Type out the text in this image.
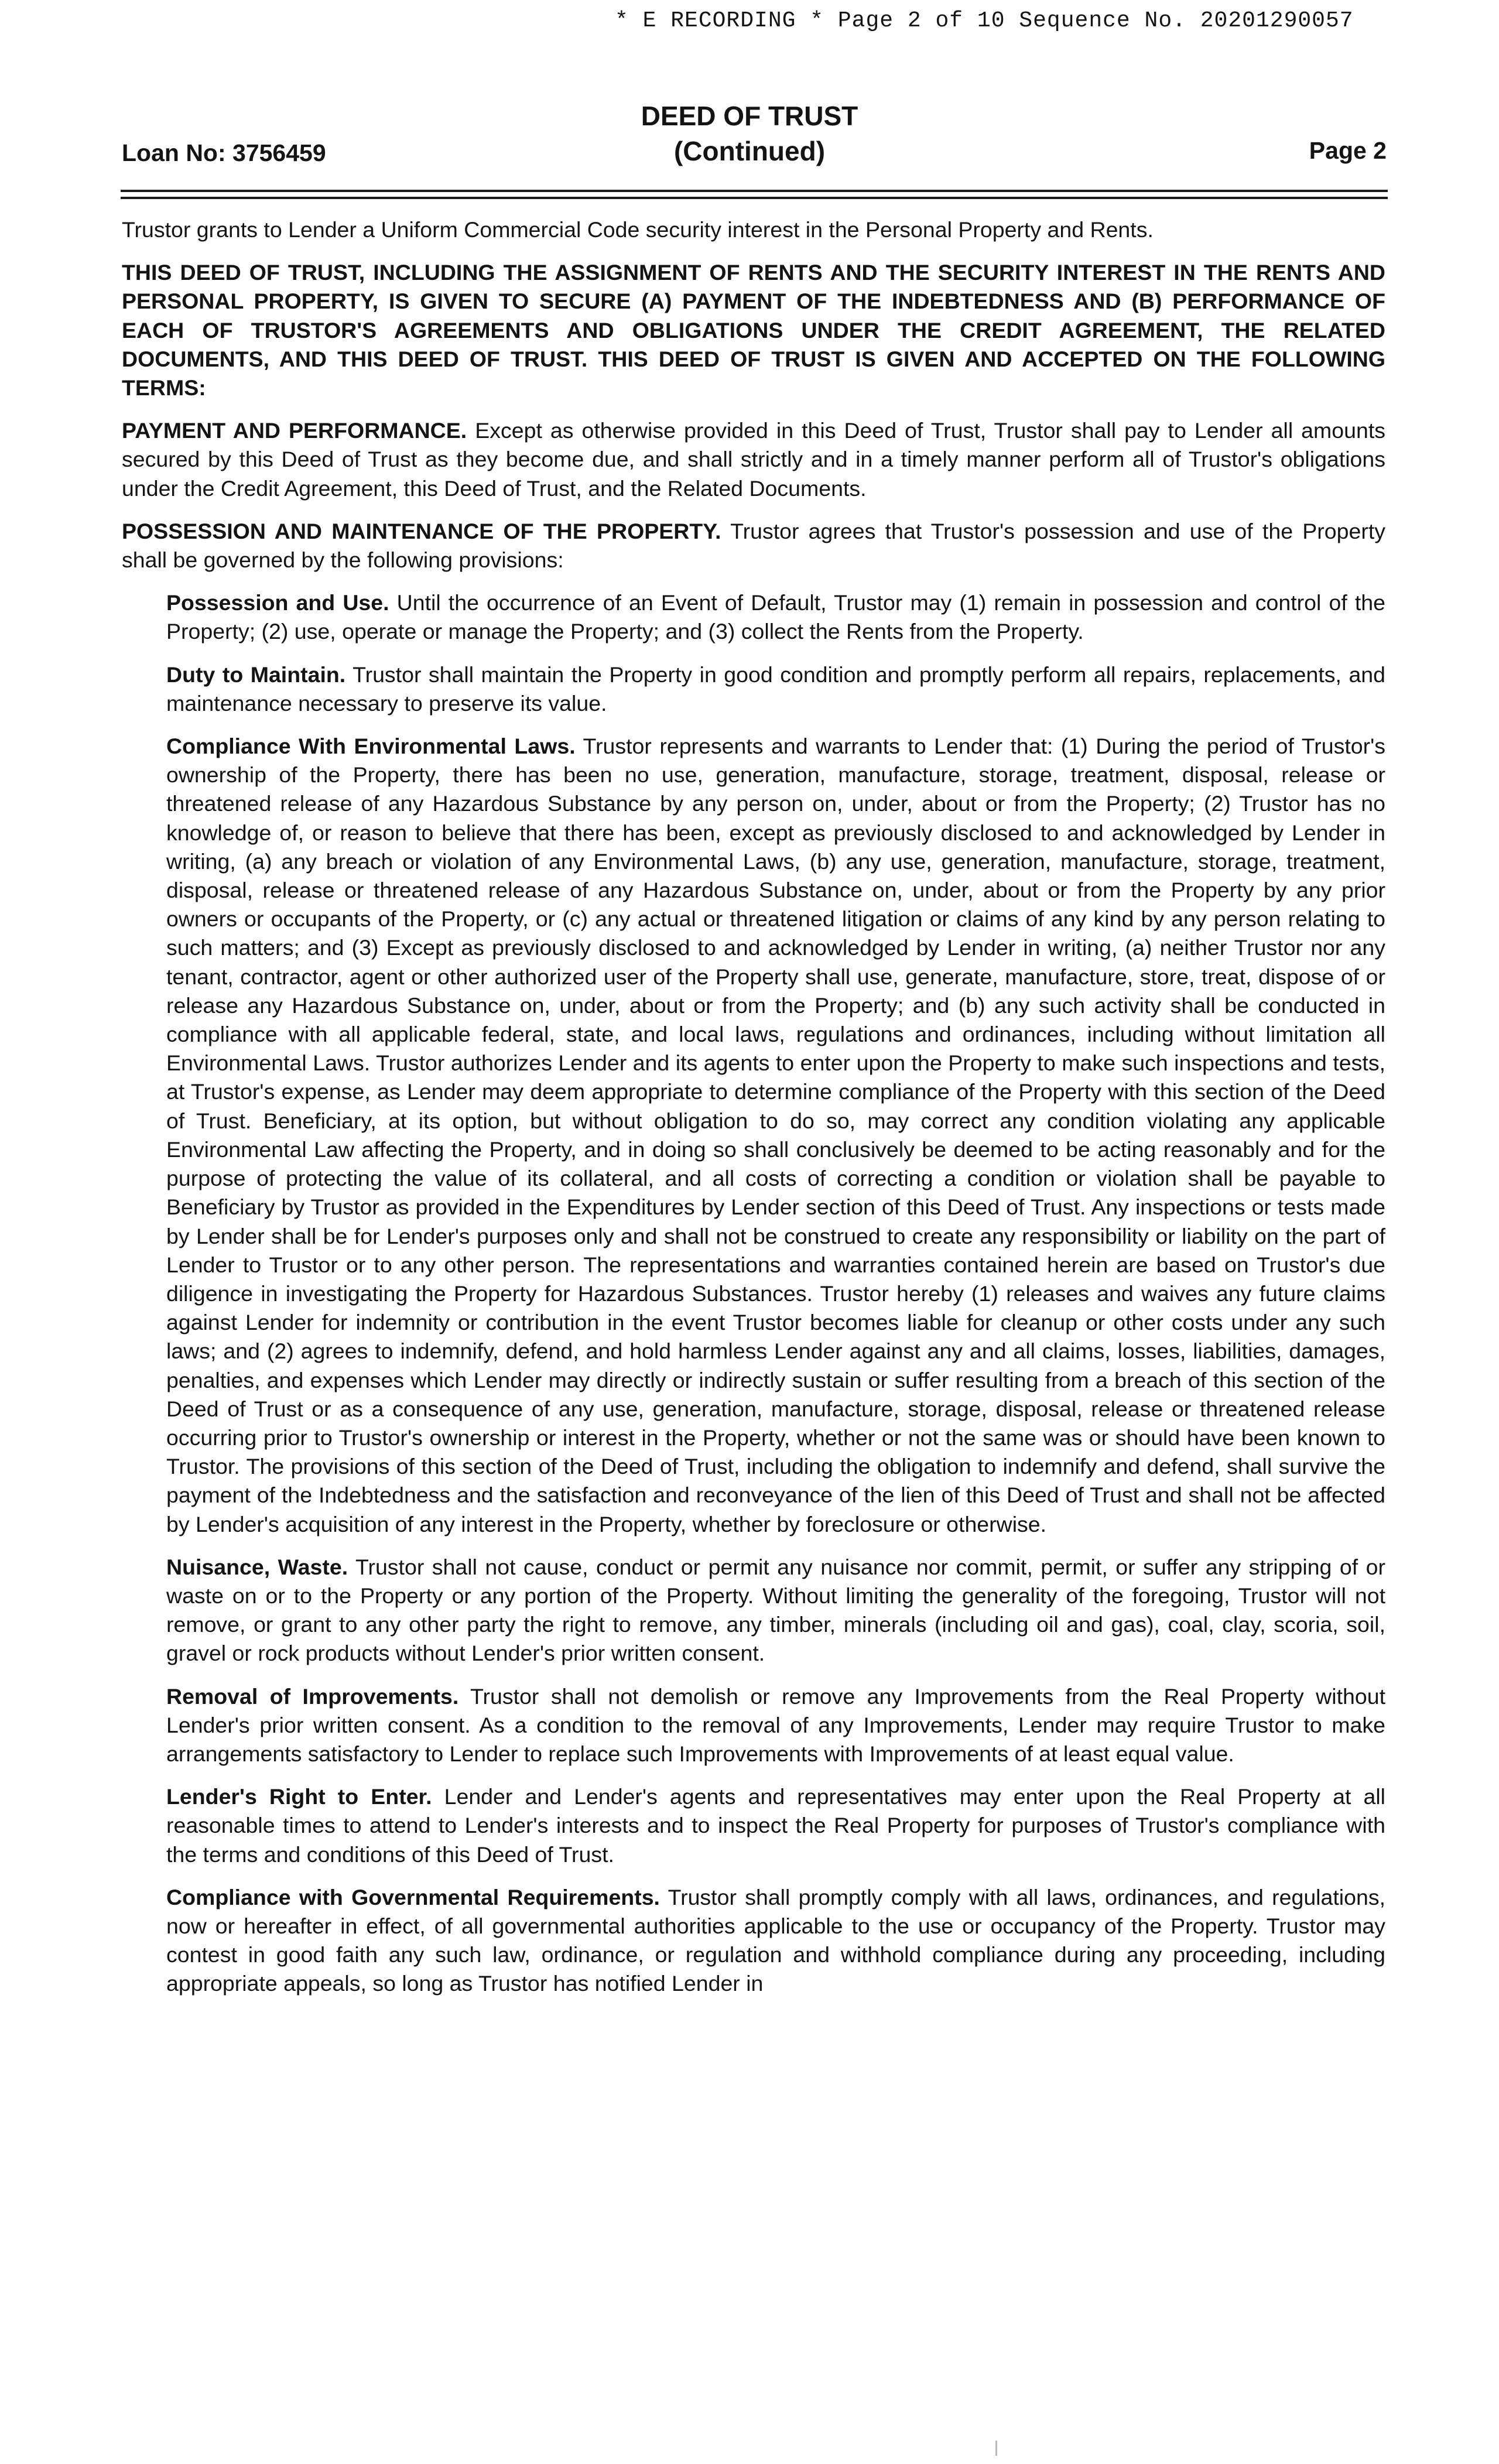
* E RECORDING * Page 2 of 10 Sequence No. 20201290057
Loan No: 3756459
DEED OF TRUST
(Continued)	Page 2

Trustor grants to Lender a Uniform Commercial Code security interest in the Personal Property and Rents.

THIS DEED OF TRUST, INCLUDING THE ASSIGNMENT OF RENTS AND THE SECURITY INTEREST IN THE RENTS AND PERSONAL PROPERTY, IS GIVEN TO SECURE (A) PAYMENT OF THE INDEBTEDNESS AND (B) PERFORMANCE OF EACH OF TRUSTOR'S AGREEMENTS AND OBLIGATIONS UNDER THE CREDIT AGREEMENT, THE RELATED DOCUMENTS, AND THIS DEED OF TRUST. THIS DEED OF TRUST IS GIVEN AND ACCEPTED ON THE FOLLOWING TERMS:

PAYMENT AND PERFORMANCE. Except as otherwise provided in this Deed of Trust, Trustor shall pay to Lender all amounts secured by this Deed of Trust as they become due, and shall strictly and in a timely manner perform all of Trustor's obligations under the Credit Agreement, this Deed of Trust, and the Related Documents.

POSSESSION AND MAINTENANCE OF THE PROPERTY. Trustor agrees that Trustor's possession and use of the Property shall be governed by the following provisions:

Possession and Use. Until the occurrence of an Event of Default, Trustor may (1) remain in possession and control of the Property; (2) use, operate or manage the Property; and (3) collect the Rents from the Property.

Duty to Maintain. Trustor shall maintain the Property in good condition and promptly perform all repairs, replacements, and maintenance necessary to preserve its value.

Compliance With Environmental Laws. Trustor represents and warrants to Lender that: (1) During the period of Trustor's ownership of the Property, there has been no use, generation, manufacture, storage, treatment, disposal, release or threatened release of any Hazardous Substance by any person on, under, about or from the Property; (2) Trustor has no knowledge of, or reason to believe that there has been, except as previously disclosed to and acknowledged by Lender in writing, (a) any breach or violation of any Environmental Laws, (b) any use, generation, manufacture, storage, treatment, disposal, release or threatened release of any Hazardous Substance on, under, about or from the Property by any prior owners or occupants of the Property, or (c) any actual or threatened litigation or claims of any kind by any person relating to such matters; and (3) Except as previously disclosed to and acknowledged by Lender in writing, (a) neither Trustor nor any tenant, contractor, agent or other authorized user of the Property shall use, generate, manufacture, store, treat, dispose of or release any Hazardous Substance on, under, about or from the Property; and (b) any such activity shall be conducted in compliance with all applicable federal, state, and local laws, regulations and ordinances, including without limitation all Environmental Laws. Trustor authorizes Lender and its agents to enter upon the Property to make such inspections and tests, at Trustor's expense, as Lender may deem appropriate to determine compliance of the Property with this section of the Deed of Trust. Beneficiary, at its option, but without obligation to do so, may correct any condition violating any applicable Environmental Law affecting the Property, and in doing so shall conclusively be deemed to be acting reasonably and for the purpose of protecting the value of its collateral, and all costs of correcting a condition or violation shall be payable to Beneficiary by Trustor as provided in the Expenditures by Lender section of this Deed of Trust. Any inspections or tests made by Lender shall be for Lender's purposes only and shall not be construed to create any responsibility or liability on the part of Lender to Trustor or to any other person. The representations and warranties contained herein are based on Trustor's due diligence in investigating the Property for Hazardous Substances. Trustor hereby (1) releases and waives any future claims against Lender for indemnity or contribution in the event Trustor becomes liable for cleanup or other costs under any such laws; and (2) agrees to indemnify, defend, and hold harmless Lender against any and all claims, losses, liabilities, damages, penalties, and expenses which Lender may directly or indirectly sustain or suffer resulting from a breach of this section of the Deed of Trust or as a consequence of any use, generation, manufacture, storage, disposal, release or threatened release occurring prior to Trustor's ownership or interest in the Property, whether or not the same was or should have been known to Trustor. The provisions of this section of the Deed of Trust, including the obligation to indemnify and defend, shall survive the payment of the Indebtedness and the satisfaction and reconveyance of the lien of this Deed of Trust and shall not be affected by Lender's acquisition of any interest in the Property, whether by foreclosure or otherwise.

Nuisance, Waste. Trustor shall not cause, conduct or permit any nuisance nor commit, permit, or suffer any stripping of or waste on or to the Property or any portion of the Property. Without limiting the generality of the foregoing, Trustor will not remove, or grant to any other party the right to remove, any timber, minerals (including oil and gas), coal, clay, scoria, soil, gravel or rock products without Lender's prior written consent.

Removal of Improvements. Trustor shall not demolish or remove any Improvements from the Real Property without Lender's prior written consent. As a condition to the removal of any Improvements, Lender may require Trustor to make arrangements satisfactory to Lender to replace such Improvements with Improvements of at least equal value.

Lender's Right to Enter. Lender and Lender's agents and representatives may enter upon the Real Property at all reasonable times to attend to Lender's interests and to inspect the Real Property for purposes of Trustor's compliance with the terms and conditions of this Deed of Trust.

Compliance with Governmental Requirements. Trustor shall promptly comply with all laws, ordinances, and regulations, now or hereafter in effect, of all governmental authorities applicable to the use or occupancy of the Property. Trustor may contest in good faith any such law, ordinance, or regulation and withhold compliance during any proceeding, including appropriate appeals, so long as Trustor has notified Lender in
